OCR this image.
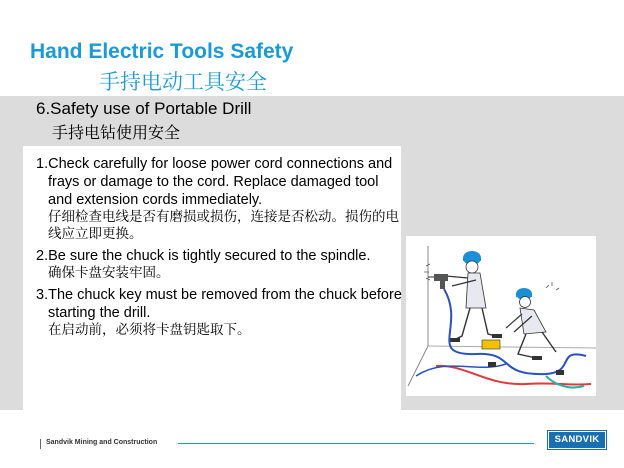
Hand Electric Tools Safety
手持电动工具安全
6.Safety use of Portable Drill
手持电钻使用安全
1.Check carefully for loose power cord connections and frays or damage to the cord. Replace damaged tool and extension cords immediately.
仔细检查电线是否有磨损或损伤，连接是否松动。损伤的电线应立即更换。
2.Be sure the chuck is tightly secured to the spindle.
确保卡盘安装牢固。
3.The chuck key must be removed from the chuck before starting the drill.
在启动前，必须将卡盘钥匙取下。
Sandvik Mining and Construction	SANDVIK
